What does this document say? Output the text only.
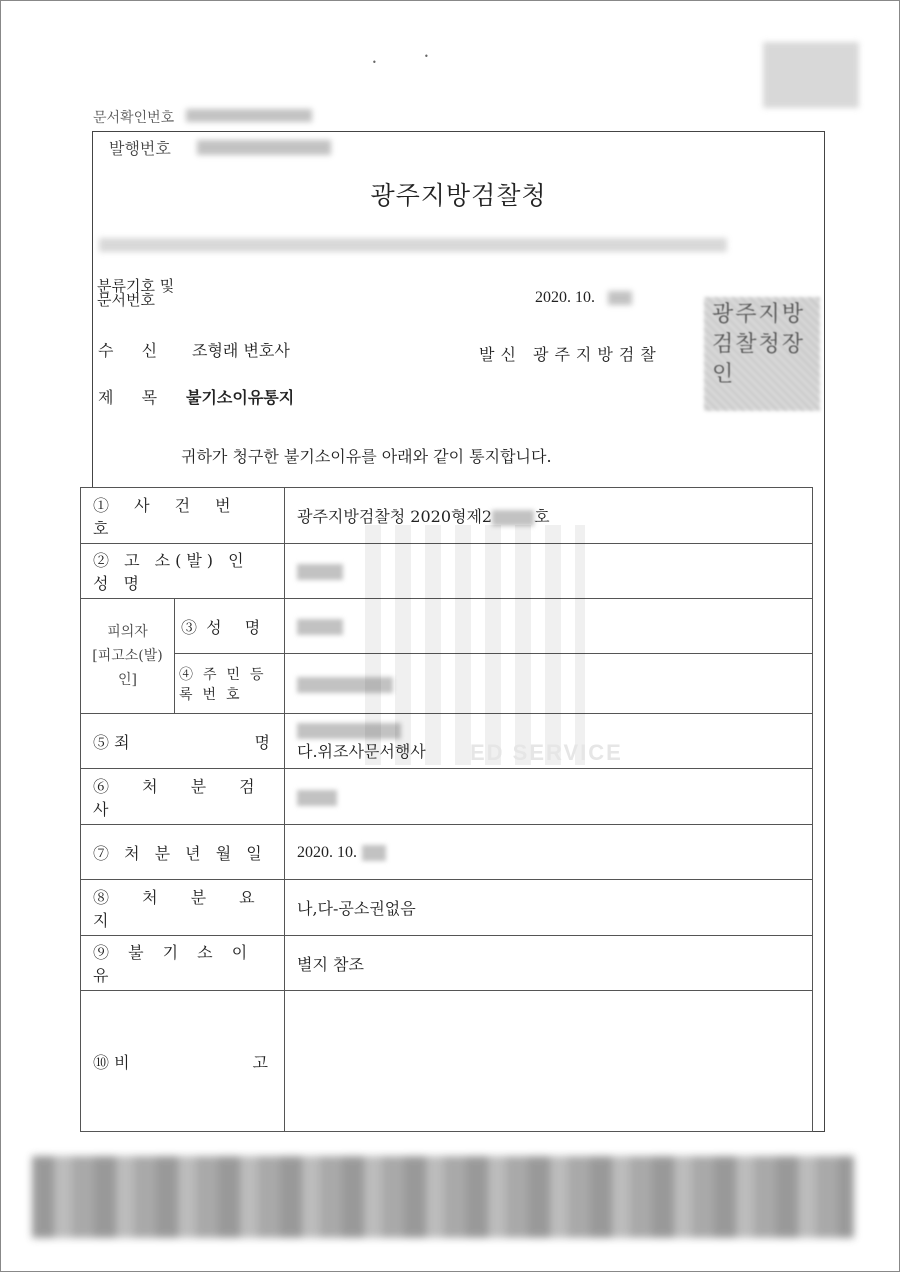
•
•
문서확인번호
발행번호
광주지방검찰청
분류기호 및
문서번호	2020. 10.
수  신 조형래 변호사	발신 광주지방검찰
제  목 불기소이유통지
광주지방검찰청장인
귀하가 청구한 불기소이유를 아래와 같이 통지합니다.
① 사 건 번 호		광주지방검찰청 2020형제2 호
② 고 소(발) 인 성 명		

피의자
[피고소(발)인]	③ 성   명	
	④주민등록번호	
⑤ 죄 명		다.위조사문서행사

⑥ 처 분 검 사		
⑦ 처 분 년 월 일		2020. 10.
⑧ 처 분 요 지		나,다-공소권없음
⑨ 불 기 소 이 유		별지 참조
⑩ 비 고		

ED SERVICE
